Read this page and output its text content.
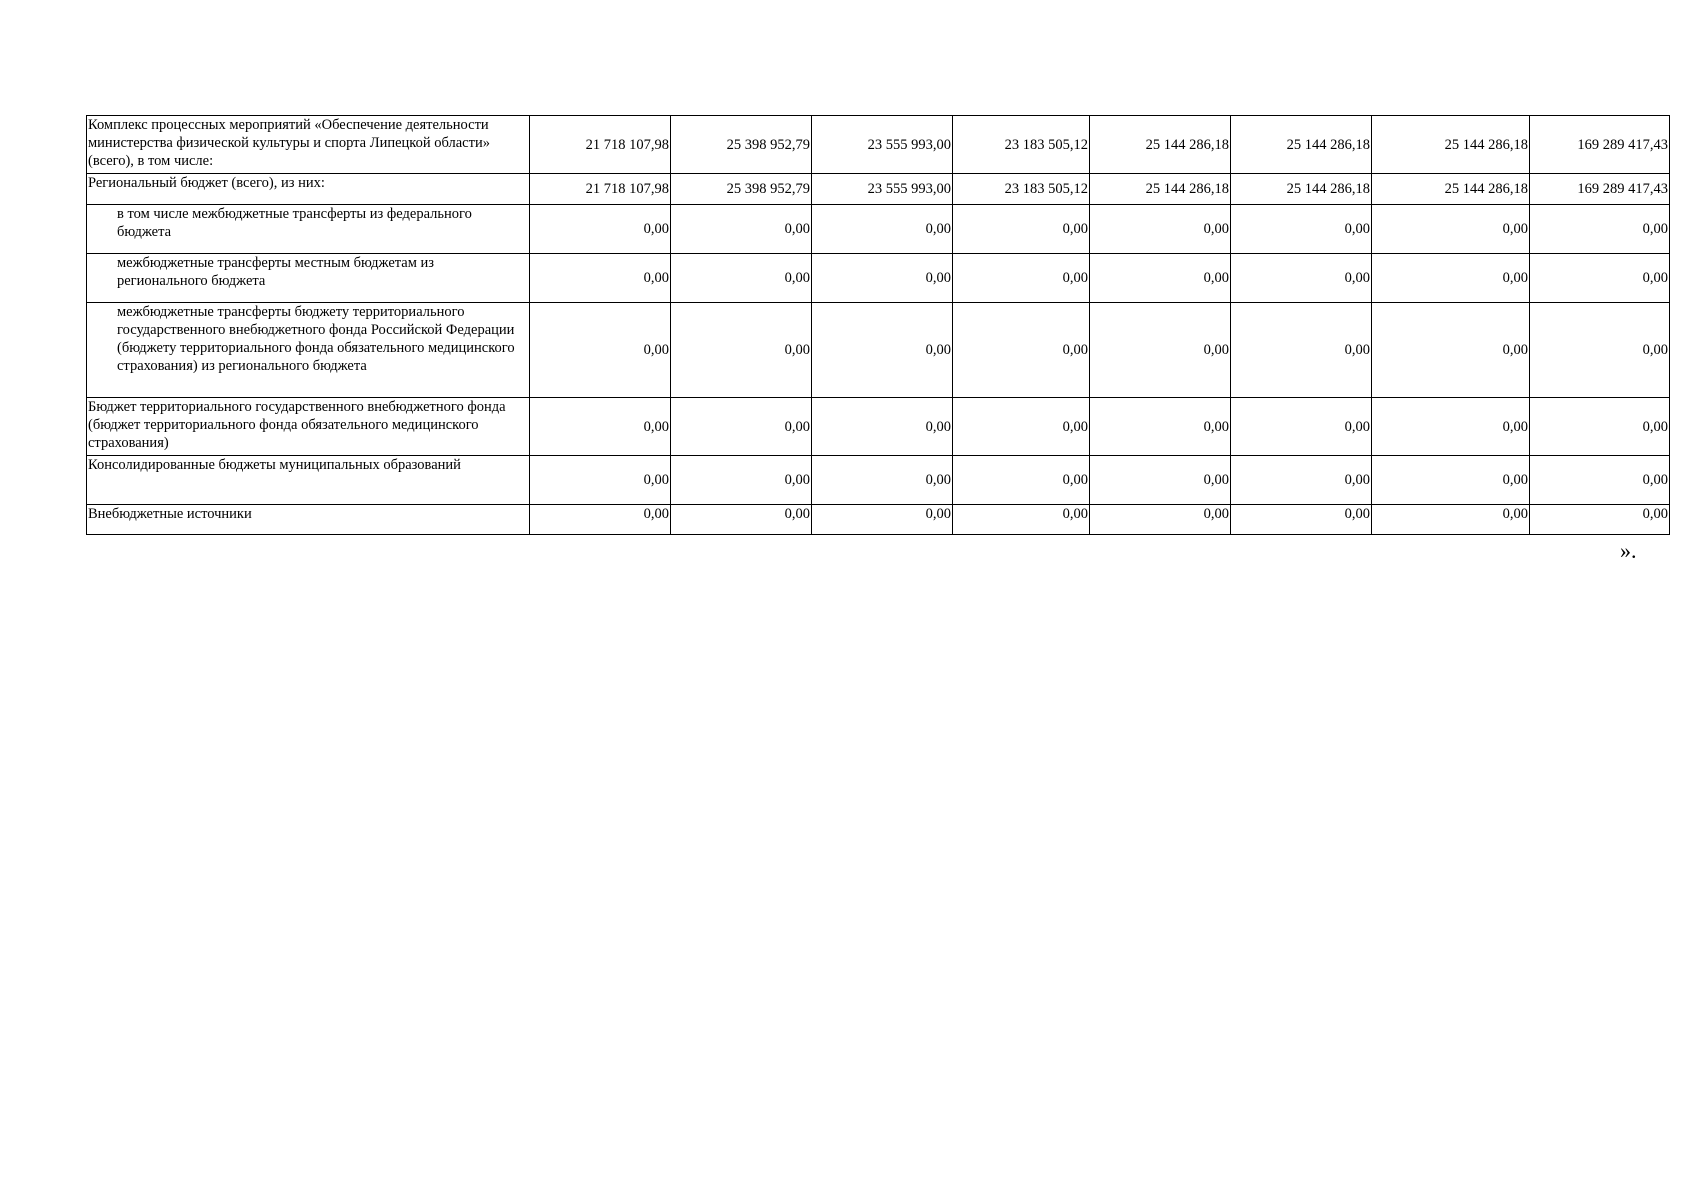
Комплекс процессных мероприятий «Обеспечение деятельности министерства физической культуры и спорта Липецкой области» (всего), в том числе:	21 718 107,98	25 398 952,79	23 555 993,00	23 183 505,12	25 144 286,18	25 144 286,18	25 144 286,18	169 289 417,43
Региональный бюджет (всего), из них:	21 718 107,98	25 398 952,79	23 555 993,00	23 183 505,12	25 144 286,18	25 144 286,18	25 144 286,18	169 289 417,43
в том числе межбюджетные трансферты из федерального бюджета	0,00	0,00	0,00	0,00	0,00	0,00	0,00	0,00
межбюджетные трансферты местным бюджетам из регионального бюджета	0,00	0,00	0,00	0,00	0,00	0,00	0,00	0,00
межбюджетные трансферты бюджету территориального государственного внебюджетного фонда Российской Федерации (бюджету территориального фонда обязательного медицинского страхования) из регионального бюджета	0,00	0,00	0,00	0,00	0,00	0,00	0,00	0,00
Бюджет территориального государственного внебюджетного фонда (бюджет территориального фонда обязательного медицинского страхования)	0,00	0,00	0,00	0,00	0,00	0,00	0,00	0,00
Консолидированные бюджеты муниципальных образований	0,00	0,00	0,00	0,00	0,00	0,00	0,00	0,00
Внебюджетные источники	0,00	0,00	0,00	0,00	0,00	0,00	0,00	0,00
».
